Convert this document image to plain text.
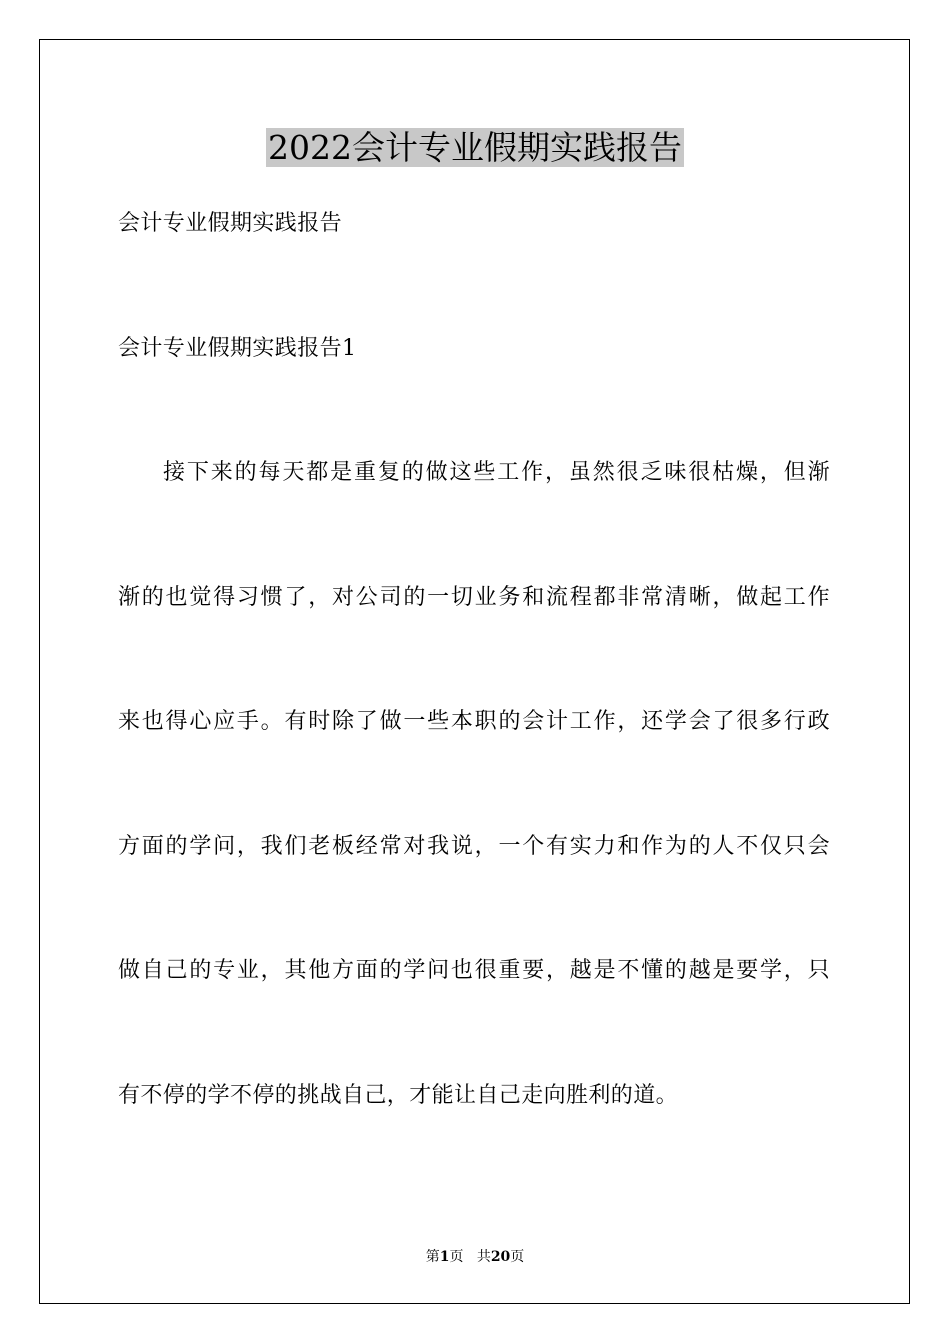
2022会计专业假期实践报告
会计专业假期实践报告
会计专业假期实践报告1
接下来的每天都是重复的做这些工作，虽然很乏味很枯燥，但渐
渐的也觉得习惯了，对公司的一切业务和流程都非常清晰，做起工作
来也得心应手。有时除了做一些本职的会计工作，还学会了很多行政
方面的学问，我们老板经常对我说，一个有实力和作为的人不仅只会
做自己的专业，其他方面的学问也很重要，越是不懂的越是要学，只
有不停的学不停的挑战自己，才能让自己走向胜利的道。
第1页 共20页
